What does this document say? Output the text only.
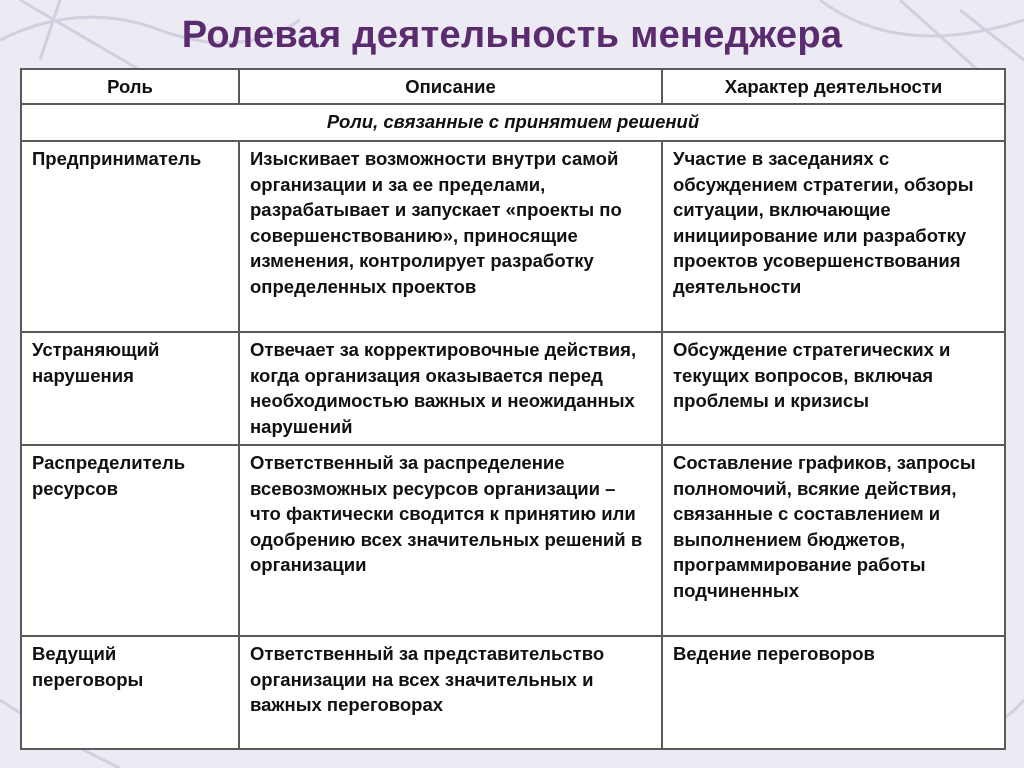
Ролевая деятельность менеджера
Роль	Описание	Характер деятельности
Роли, связанные с принятием решений		
Предприниматель	Изыскивает возможности внутри самой организации и за ее пределами, разрабатывает и запускает «проекты по совершенствованию», приносящие изменения, контролирует разработку определенных проектов	Участие в заседаниях с обсуждением стратегии, обзоры ситуации, включающие инициирование или разработку проектов усовершенствования деятельности
Устраняющий нарушения	Отвечает за корректировочные действия, когда организация оказывается перед необходимостью важных и неожиданных нарушений	Обсуждение стратегических и текущих вопросов, включая проблемы и кризисы
Распределитель ресурсов	Ответственный за распределение всевозможных ресурсов организации – что фактически сводится к принятию или одобрению всех значительных решений в организации	Составление графиков, запросы полномочий, всякие действия, связанные с составлением и выполнением бюджетов, программирование работы подчиненных
Ведущий переговоры	Ответственный за представительство организации на всех значительных и важных переговорах	Ведение переговоров
